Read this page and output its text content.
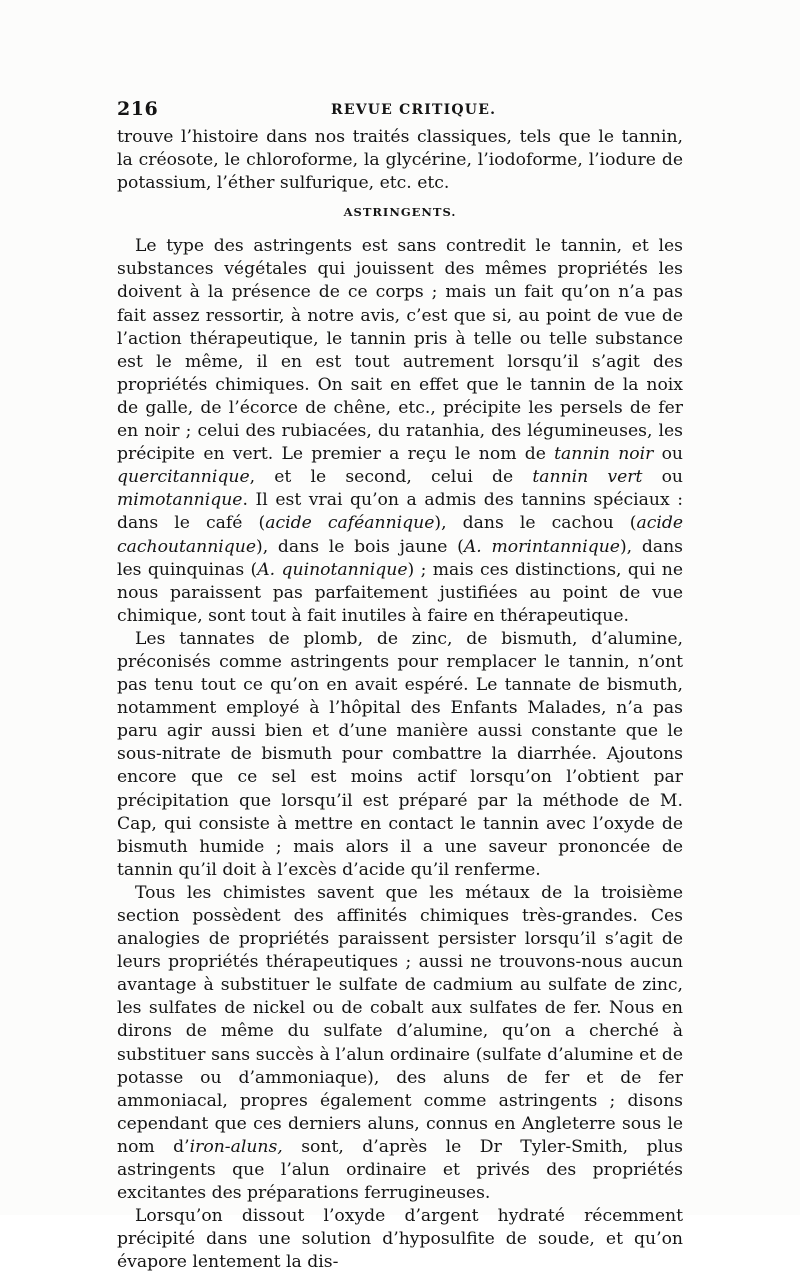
216	REVUE CRITIQUE.

trouve l’histoire dans nos traités classiques, tels que le tannin, la créosote, le chloroforme, la glycérine, l’iodoforme, l’iodure de potassium, l’éther sulfurique, etc. etc.

ASTRINGENTS.

Le type des astringents est sans contredit le tannin, et les substances végétales qui jouissent des mêmes propriétés les doivent à la présence de ce corps ; mais un fait qu’on n’a pas fait assez ressortir, à notre avis, c’est que si, au point de vue de l’action thérapeutique, le tannin pris à telle ou telle substance est le même, il en est tout autrement lorsqu’il s’agit des propriétés chimiques. On sait en effet que le tannin de la noix de galle, de l’écorce de chêne, etc., précipite les persels de fer en noir ; celui des rubiacées, du ratanhia, des légumineuses, les précipite en vert. Le premier a reçu le nom de tannin noir ou quercitannique, et le second, celui de tannin vert ou mimotannique. Il est vrai qu’on a admis des tannins spéciaux : dans le café (acide caféannique), dans le cachou (acide cachoutannique), dans le bois jaune (A. morintannique), dans les quinquinas (A. quinotannique) ; mais ces distinctions, qui ne nous paraissent pas parfaitement justifiées au point de vue chimique, sont tout à fait inutiles à faire en thérapeutique.

Les tannates de plomb, de zinc, de bismuth, d’alumine, préconisés comme astringents pour remplacer le tannin, n’ont pas tenu tout ce qu’on en avait espéré. Le tannate de bismuth, notamment employé à l’hôpital des Enfants Malades, n’a pas paru agir aussi bien et d’une manière aussi constante que le sous-nitrate de bismuth pour combattre la diarrhée. Ajoutons encore que ce sel est moins actif lorsqu’on l’obtient par précipitation que lorsqu’il est préparé par la méthode de M. Cap, qui consiste à mettre en contact le tannin avec l’oxyde de bismuth humide ; mais alors il a une saveur prononcée de tannin qu’il doit à l’excès d’acide qu’il renferme.

Tous les chimistes savent que les métaux de la troisième section possèdent des affinités chimiques très-grandes. Ces analogies de propriétés paraissent persister lorsqu’il s’agit de leurs propriétés thérapeutiques ; aussi ne trouvons-nous aucun avantage à substituer le sulfate de cadmium au sulfate de zinc, les sulfates de nickel ou de cobalt aux sulfates de fer. Nous en dirons de même du sulfate d’alumine, qu’on a cherché à substituer sans succès à l’alun ordinaire (sulfate d’alumine et de potasse ou d’ammoniaque), des aluns de fer et de fer ammoniacal, propres également comme astringents ; disons cependant que ces derniers aluns, connus en Angleterre sous le nom d’iron-aluns, sont, d’après le Dr Tyler-Smith, plus astringents que l’alun ordinaire et privés des propriétés excitantes des préparations ferrugineuses.

Lorsqu’on dissout l’oxyde d’argent hydraté récemment précipité dans une solution d’hyposulfite de soude, et qu’on évapore lentement la dis-
